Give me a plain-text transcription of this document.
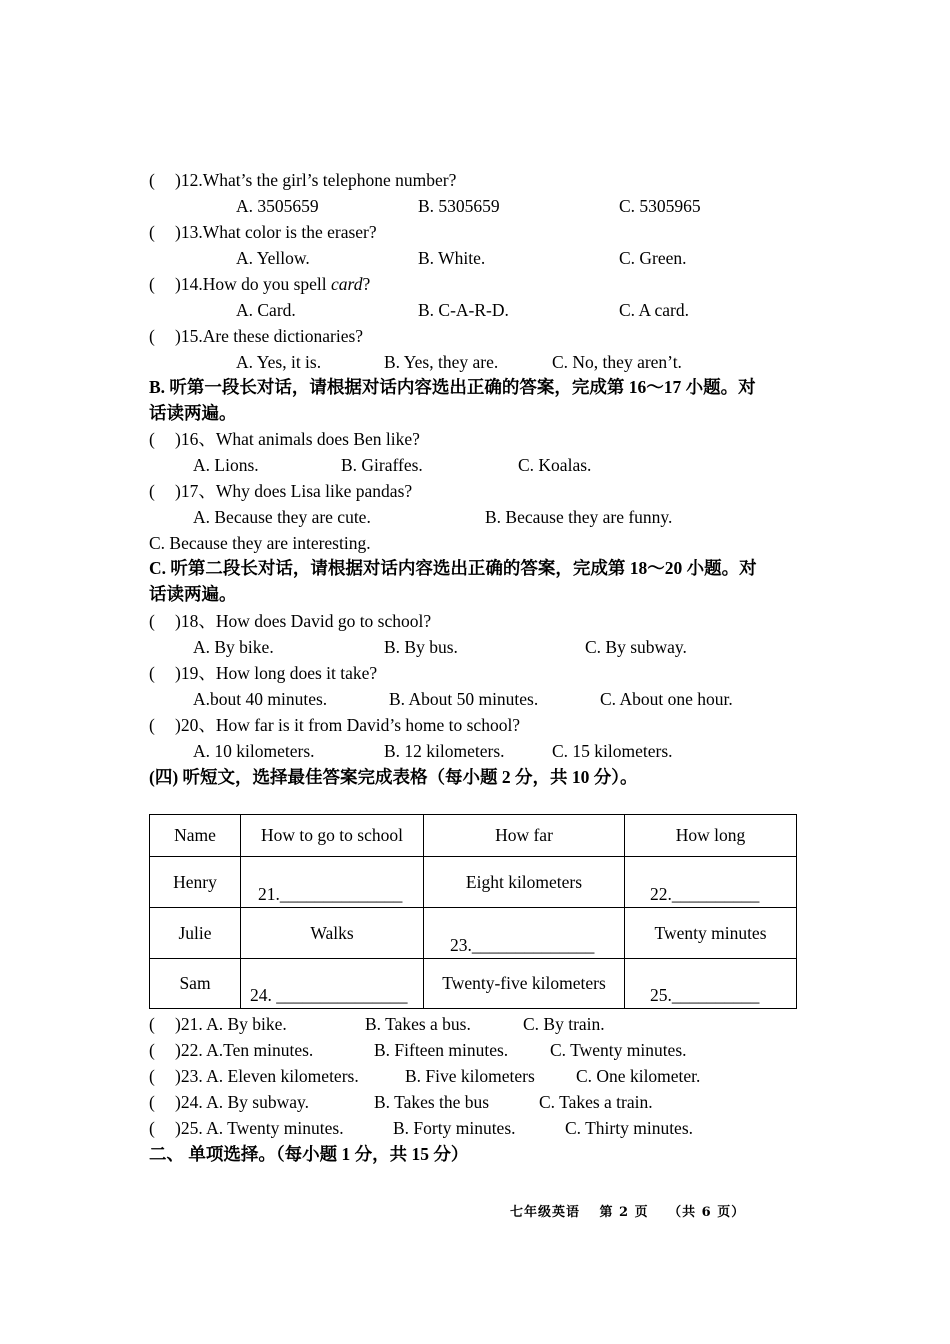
( )12.What’s the girl’s telephone number?
A. 3505659	B. 5305659	C. 5305965
( )13.What color is the eraser?
A. Yellow.	B. White.	C. Green.
( )14.How do you spell card?
A. Card.	B. C-A-R-D.	C. A card.
( )15.Are these dictionaries?
A. Yes, it is.	B. Yes, they are.	C. No, they aren’t.
B. 听第一段长对话，请根据对话内容选出正确的答案，完成第 16～17 小题。对
话读两遍。
( )16、What animals does Ben like?
A. Lions.	B. Giraffes.	C. Koalas.
( )17、Why does Lisa like pandas?
A. Because they are cute.	B. Because they are funny.
C. Because they are interesting.
C. 听第二段长对话，请根据对话内容选出正确的答案，完成第 18～20 小题。对
话读两遍。
( )18、How does David go to school?
A. By bike.	B. By bus.	C. By subway.
( )19、How long does it take?
A.bout 40 minutes.	B. About 50 minutes.	C. About one hour.
( )20、How far is it from David’s home to school?
A. 10 kilometers.	B. 12 kilometers.	C. 15 kilometers.
(四) 听短文，选择最佳答案完成表格（每小题 2 分，共 10 分）。
Name	How to go to school	How far	How long
Henry	21.______________	Eight kilometers	22.__________

Julie	Walks	23.______________	Twenty minutes
Sam	24. _______________	Twenty-five kilometers	25.__________
( )21. A. By bike.	B. Takes a bus.	C. By train.
( )22. A.Ten minutes.	B. Fifteen minutes. C. Twenty minutes.
( )23. A. Eleven kilometers.	B. Five kilometers C. One kilometer.
( )24. A. By subway.	B. Takes the bus	C. Takes a train.
( )25. A. Twenty minutes.	B. Forty minutes.	C. Thirty minutes.
二、 单项选择。（每小题 1 分，共 15 分）
七年级英语　 第 2 页　 （共 6 页）
